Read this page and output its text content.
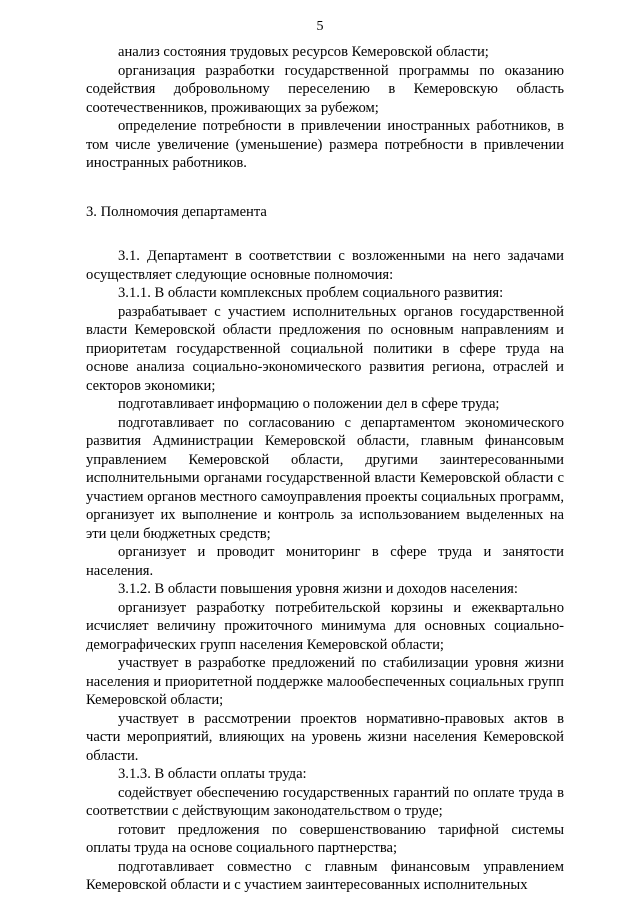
5

анализ состояния трудовых ресурсов Кемеровской области;

организация разработки государственной программы по оказанию содействия добровольному переселению в Кемеровскую область соотечественников, проживающих за рубежом;

определение потребности в привлечении иностранных работников, в том числе увеличение (уменьшение) размера потребности в привлечении иностранных работников.

3. Полномочия департамента

3.1. Департамент в соответствии с возложенными на него задачами осуществляет следующие основные полномочия:

3.1.1. В области комплексных проблем социального развития:

разрабатывает с участием исполнительных органов государственной власти Кемеровской области предложения по основным направлениям и приоритетам государственной социальной политики в сфере труда на основе анализа социально-экономического развития региона, отраслей и секторов экономики;

подготавливает информацию о положении дел в сфере труда;

подготавливает по согласованию с департаментом экономического развития Администрации Кемеровской области, главным финансовым управлением Кемеровской области, другими заинтересованными исполнительными органами государственной власти Кемеровской области с участием органов местного самоуправления проекты социальных программ, организует их выполнение и контроль за использованием выделенных на эти цели бюджетных средств;

организует и проводит мониторинг в сфере труда и занятости населения.

3.1.2. В области повышения уровня жизни и доходов населения:

организует разработку потребительской корзины и ежеквартально исчисляет величину прожиточного минимума для основных социально-демографических групп населения Кемеровской области;

участвует в разработке предложений по стабилизации уровня жизни населения и приоритетной поддержке малообеспеченных социальных групп Кемеровской области;

участвует в рассмотрении проектов нормативно-правовых актов в части мероприятий, влияющих на уровень жизни населения Кемеровской области.

3.1.3. В области оплаты труда:

содействует обеспечению государственных гарантий по оплате труда в соответствии с действующим законодательством о труде;

готовит предложения по совершенствованию тарифной системы оплаты труда на основе социального партнерства;

подготавливает совместно с главным финансовым управлением Кемеровской области и с участием заинтересованных исполнительных
